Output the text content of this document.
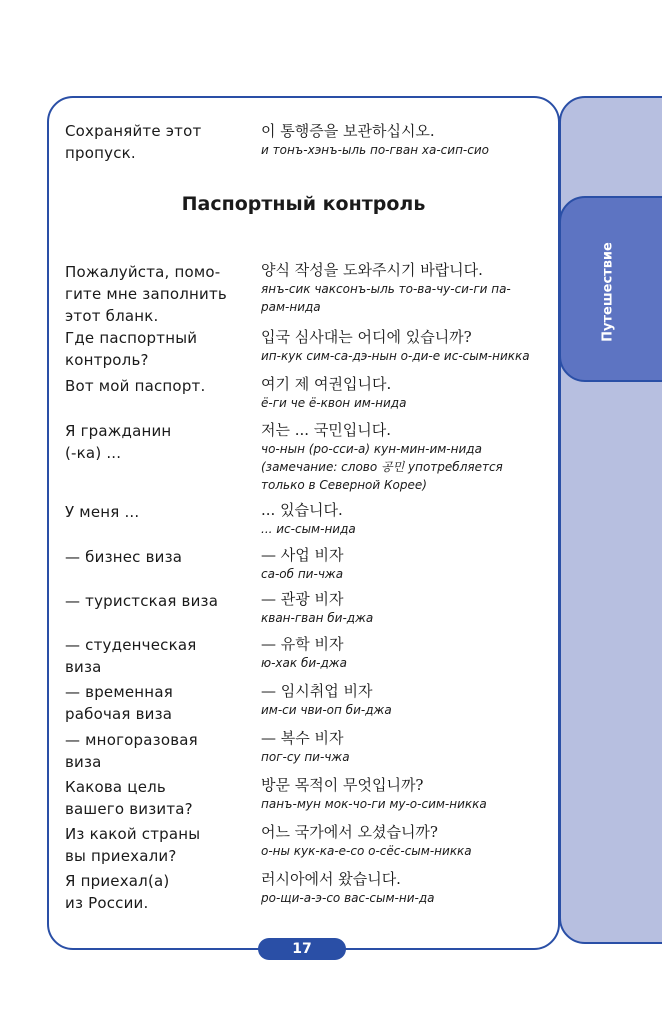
Путешествие
Сохраняйте этот
пропуск.
이 통행증을 보관하십시오.
и тонъ-хэнъ-ыль по-гван ха-сип-сио
Паспортный контроль
Пожалуйста, помо-
гите мне заполнить
этот бланк.
양식 작성을 도와주시기 바랍니다.
янъ-сик чаксонъ-ыль то-ва-чу-си-ги па-
рам-нида
Где паспортный
контроль?
입국 심사대는 어디에 있습니까?
ип-кук сим-са-дэ-нын о-ди-е ис-сым-никка
Вот мой паспорт.	여기 제 여권입니다.
ё-ги че ё-квон им-нида
Я гражданин
(-ка) ...
저는 ... 국민입니다.
чо-нын (ро-сси-а) кун-мин-им-нида
(замечание: слово 공민 употребляется
только в Северной Корее)
У меня ...	... 있습니다.
... ис-сым-нида
— бизнес виза	— 사업 비자
са-об пи-чжа
— туристская виза	— 관광 비자
кван-гван би-джа
— студенческая
виза
— 유학 비자
ю-хак би-джа
— временная
рабочая виза
— 임시취업 비자
им-си чви-оп би-джа
— многоразовая
виза
— 복수 비자
пог-су пи-чжа
Какова цель
вашего визита?
방문 목적이 무엇입니까?
панъ-мун мок-чо-ги му-о-сим-никка
Из какой страны
вы приехали?
어느 국가에서 오셨습니까?
о-ны кук-ка-е-со о-сёс-сым-никка
Я приехал(а)
из России.
러시아에서 왔습니다.
ро-щи-а-э-со вас-сым-ни-да
17
